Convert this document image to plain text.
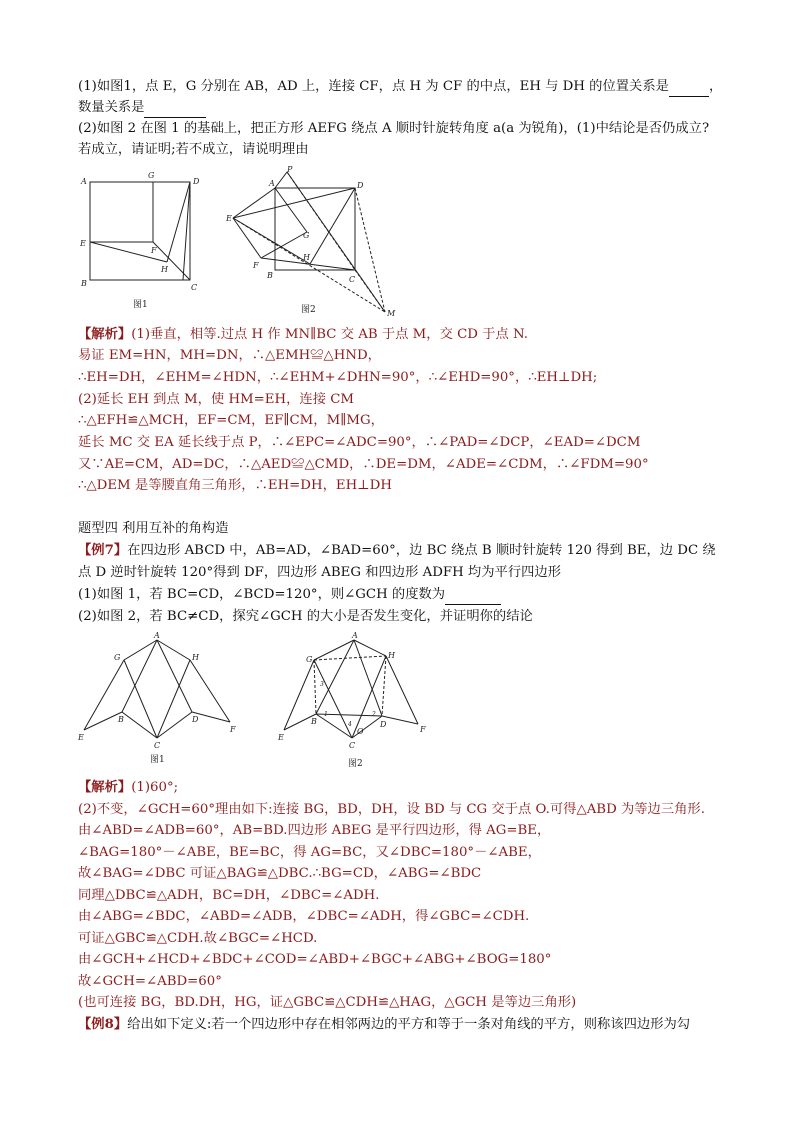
(1)如图1，点 E，G 分别在 AB，AD 上，连接 CF，点 H 为 CF 的中点，EH 与 DH 的位置关系是	，
数量关系是
(2)如图 2 在图 1 的基础上，把正方形 AEFG 绕点 A 顺时针旋转角度 a(a 为锐角)，(1)中结论是否仍成立?
若成立，请证明;若不成立，请说明理由
A
G
D
E
F
H
B	C
图1
P
A	D
E
G
F
H
B	C
M
图2
【解析】(1)垂直，相等.过点 H 作 MN∥BC 交 AB 于点 M，交 CD 于点 N.
易证 EM=HN，MH=DN，∴△EMH≌△HND，
∴EH=DH，∠EHM=∠HDN，∴∠EHM+∠DHN=90°，∴∠EHD=90°，∴EH⊥DH;
(2)延长 EH 到点 M，使 HM=EH，连接 CM
∴△EFH≌△MCH，EF=CM，EF∥CM，M∥MG，
延长 MC 交 EA 延长线于点 P，∴∠EPC=∠ADC=90°，∴∠PAD=∠DCP，∠EAD=∠DCM
又∵AE=CM，AD=DC，∴△AED≌△CMD，∴DE=DM，∠ADE=∠CDM，∴∠FDM=90°
∴△DEM 是等腰直角三角形，∴EH=DH，EH⊥DH
题型四 利用互补的角构造
【例7】在四边形 ABCD 中，AB=AD，∠BAD=60°，边 BC 绕点 B 顺时针旋转 120 得到 BE，边 DC 绕
点 D 逆时针旋转 120°得到 DF，四边形 ABEG 和四边形 ADFH 均为平行四边形
(1)如图 1，若 BC=CD，∠BCD=120°，则∠GCH 的度数为
(2)如图 2，若 BC≠CD，探究∠GCH 的大小是否发生变化，并证明你的结论
A
G	H
B	D
E
F
C
图1
A
G	H
B	D
E
F
C
O
3
1	2
4
图2
【解析】(1)60°;
(2)不变，∠GCH=60°理由如下:连接 BG，BD，DH，设 BD 与 CG 交于点 O.可得△ABD 为等边三角形.
由∠ABD=∠ADB=60°，AB=BD.四边形 ABEG 是平行四边形，得 AG=BE，
∠BAG=180°－∠ABE，BE=BC，得 AG=BC，又∠DBC=180°－∠ABE，
故∠BAG=∠DBC 可证△BAG≌△DBC.∴BG=CD，∠ABG=∠BDC
同理△DBC≌△ADH，BC=DH，∠DBC=∠ADH.
由∠ABG=∠BDC，∠ABD=∠ADB，∠DBC=∠ADH，得∠GBC=∠CDH.
可证△GBC≌△CDH.故∠BGC=∠HCD.
由∠GCH+∠HCD+∠BDC+∠COD=∠ABD+∠BGC+∠ABG+∠BOG=180°
故∠GCH=∠ABD=60°
(也可连接 BG，BD.DH，HG，证△GBC≌△CDH≌△HAG，△GCH 是等边三角形)
【例8】给出如下定义:若一个四边形中存在相邻两边的平方和等于一条对角线的平方，则称该四边形为勾
